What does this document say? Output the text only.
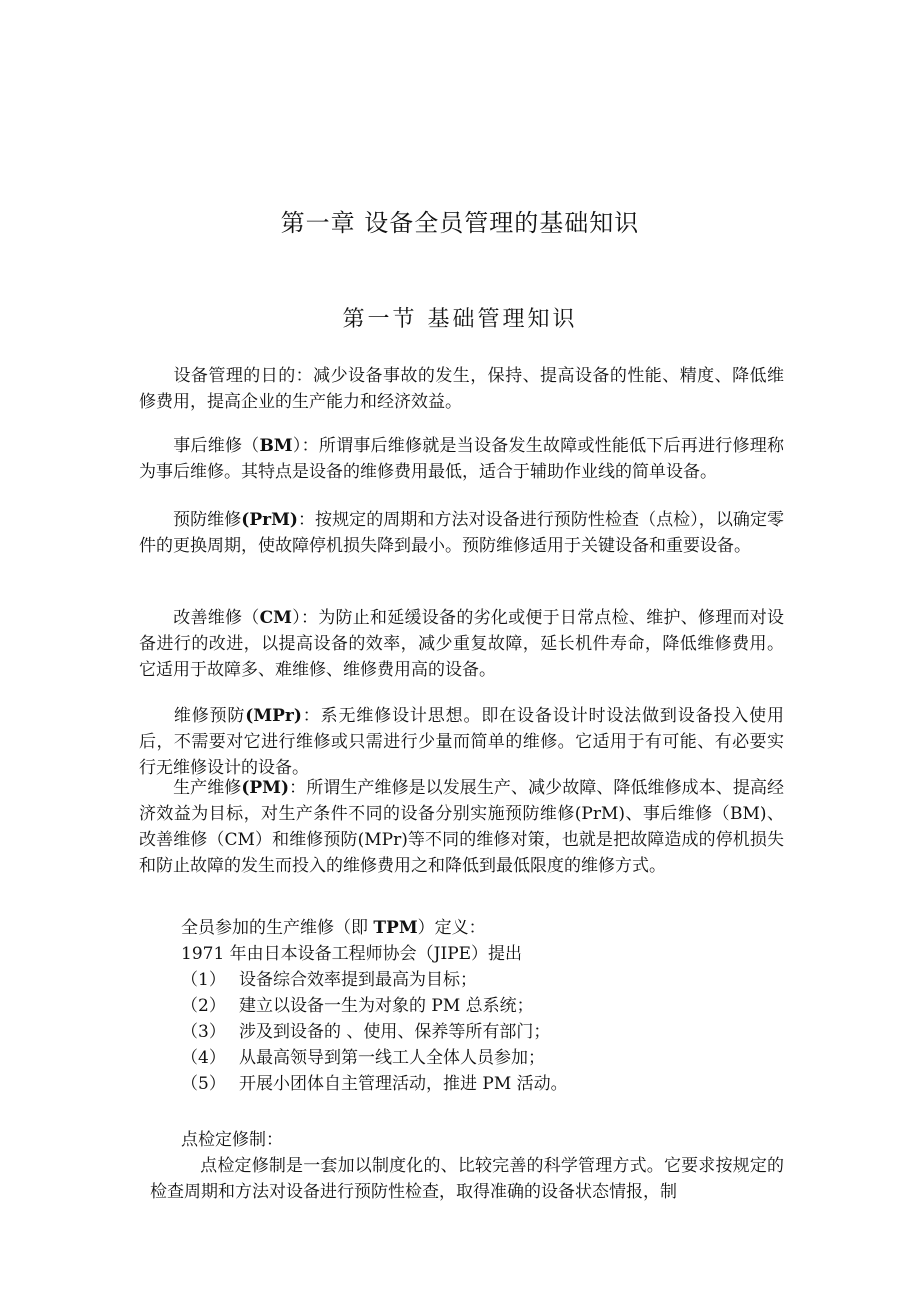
第一章 设备全员管理的基础知识
第一节 基础管理知识
设备管理的日的：减少设备事故的发生，保持、提高设备的性能、精度、降低维修费用，提高企业的生产能力和经济效益。
事后维修（BM）：所谓事后维修就是当设备发生故障或性能低下后再进行修理称为事后维修。其特点是设备的维修费用最低，适合于辅助作业线的简单设备。
预防维修(PrM)：按规定的周期和方法对设备进行预防性检查（点检），以确定零件的更换周期，使故障停机损失降到最小。预防维修适用于关键设备和重要设备。
改善维修（CM）：为防止和延缓设备的劣化或便于日常点检、维护、修理而对设备进行的改进，以提高设备的效率，减少重复故障，延长机件寿命，降低维修费用。它适用于故障多、难维修、维修费用高的设备。
维修预防(MPr)：系无维修设计思想。即在设备设计时设法做到设备投入使用后，不需要对它进行维修或只需进行少量而简单的维修。它适用于有可能、有必要实行无维修设计的设备。
生产维修(PM)：所谓生产维修是以发展生产、减少故障、降低维修成本、提高经济效益为目标，对生产条件不同的设备分别实施预防维修(PrM)、事后维修（BM)、改善维修（CM）和维修预防(MPr)等不同的维修对策，也就是把故障造成的停机损失和防止故障的发生而投入的维修费用之和降低到最低限度的维修方式。
全员参加的生产维修（即 TPM）定义：
1971 年由日本设备工程师协会（JIPE）提出
（1） 设备综合效率提到最高为目标；
（2） 建立以设备一生为对象的 PM 总系统；
（3） 涉及到设备的 、使用、保养等所有部门；
（4） 从最高领导到第一线工人全体人员参加；
（5） 开展小团体自主管理活动，推进 PM 活动。
点检定修制：
点检定修制是一套加以制度化的、比较完善的科学管理方式。它要求按规定的检查周期和方法对设备进行预防性检查，取得准确的设备状态情报，制
